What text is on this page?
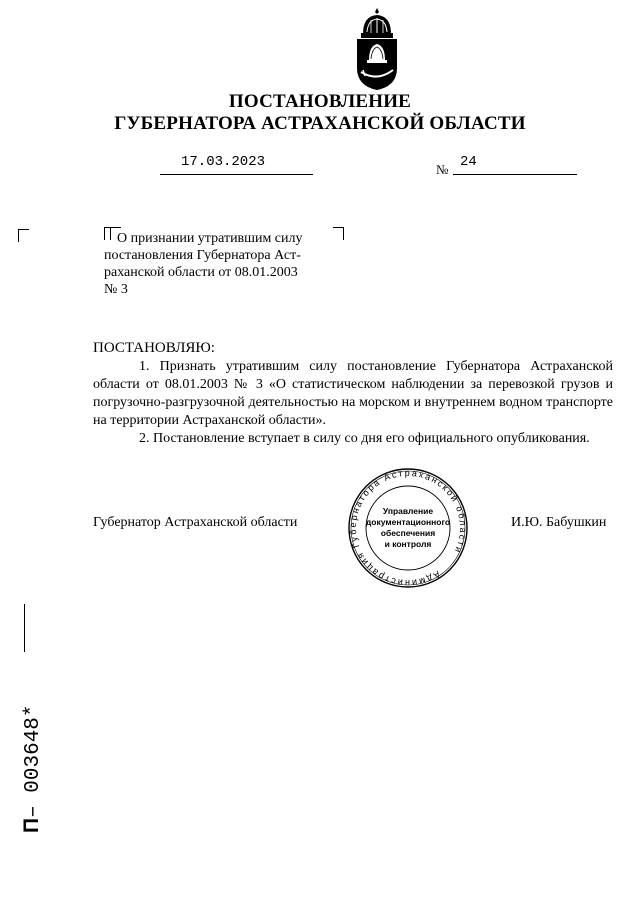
ПОСТАНОВЛЕНИЕ
ГУБЕРНАТОРА АСТРАХАНСКОЙ ОБЛАСТИ
17.03.2023	№ 24
О признании утратившим силу
постановления Губернатора Аст-
раханской области от 08.01.2003
№ 3
ПОСТАНОВЛЯЮ:
1. Признать утратившим силу постановление Губернатора Астраханской области от 08.01.2003 № 3 «О статистическом наблюдении за перевозкой грузов и погрузочно-разгрузочной деятельностью на морском и внутреннем водном транспорте на территории Астраханской области».
2. Постановление вступает в силу со дня его официального опубликования.
Губернатор Астраханской области	И.Ю. Бабушкин
Администрация Губернатора Астраханской области
Управление
документационного
обеспечения
и контроля
П– 003648*
